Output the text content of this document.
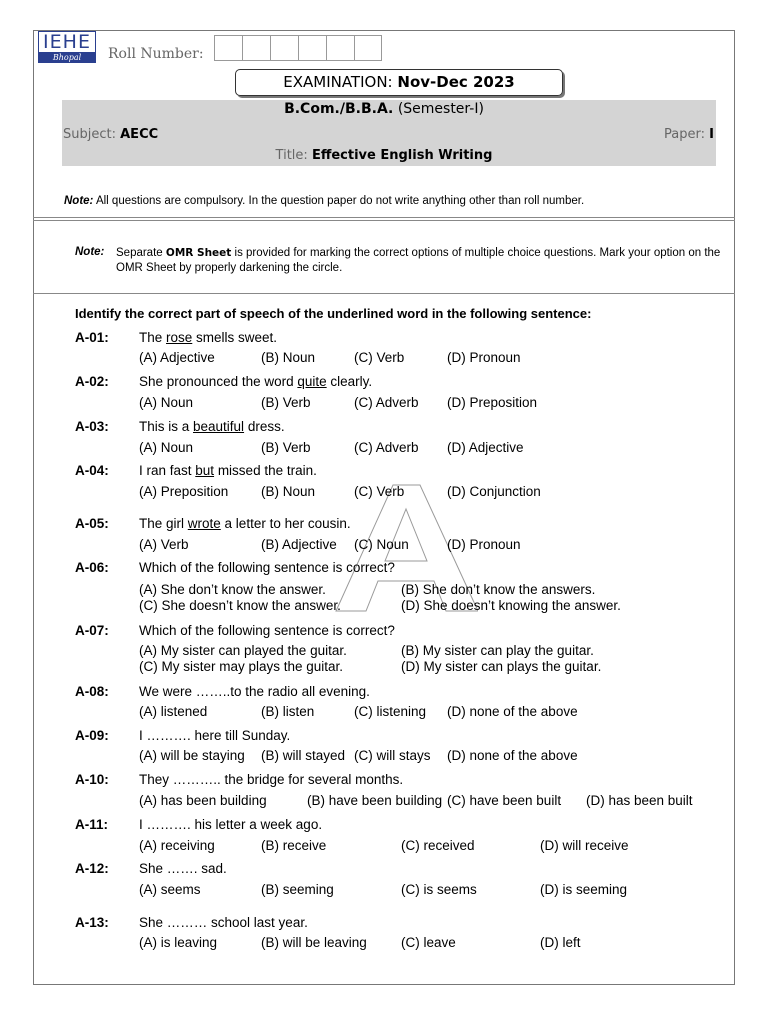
IEHE
Bhopal	Roll Number:
EXAMINATION: Nov-Dec 2023
B.Com./B.B.A. (Semester-I)
Subject: AECC	Paper: I
Title: Effective English Writing
Note: All questions are compulsory. In the question paper do not write anything other than roll number.
Note: Separate OMR Sheet is provided for marking the correct options of multiple choice questions. Mark your option on the OMR Sheet by properly darkening the circle.
Identify the correct part of speech of the underlined word in the following sentence:
A-01: The rose smells sweet.
(A) Adjective	(B) Noun	(C) Verb	(D) Pronoun
A-02: She pronounced the word quite clearly.
(A) Noun	(B) Verb	(C) Adverb (D) Preposition
A-03: This is a beautiful dress.
(A) Noun	(B) Verb	(C) Adverb (D) Adjective
A-04: I ran fast but missed the train.
(A) Preposition (B) Noun	(C) Verb	(D) Conjunction
A-05: The girl wrote a letter to her cousin.
(A) Verb	(B) Adjective (C) Noun	(D) Pronoun
A-06: Which of the following sentence is correct?
(A) She don’t know the answer.	(B) She don’t know the answers.
(C) She doesn’t know the answer.	(D) She doesn’t knowing the answer.
A-07: Which of the following sentence is correct?
(A) My sister can played the guitar.	(B) My sister can play the guitar.
(C) My sister may plays the guitar.	(D) My sister can plays the guitar.
A-08: We were ……..to the radio all evening.
(A) listened	(B) listen	(C) listening (D) none of the above
A-09: I ………. here till Sunday.
(A) will be staying (B) will stayed (C) will stays (D) none of the above
A-10: They ……….. the bridge for several months.
(A) has been building	(B) have been building (C) have been built (D) has been built
A-11: I ………. his letter a week ago.
(A) receiving	(B) receive	(C) received	(D) will receive
A-12: She ……. sad.
(A) seems	(B) seeming	(C) is seems	(D) is seeming
A-13: She ……… school last year.
(A) is leaving	(B) will be leaving	(C) leave	(D) left
